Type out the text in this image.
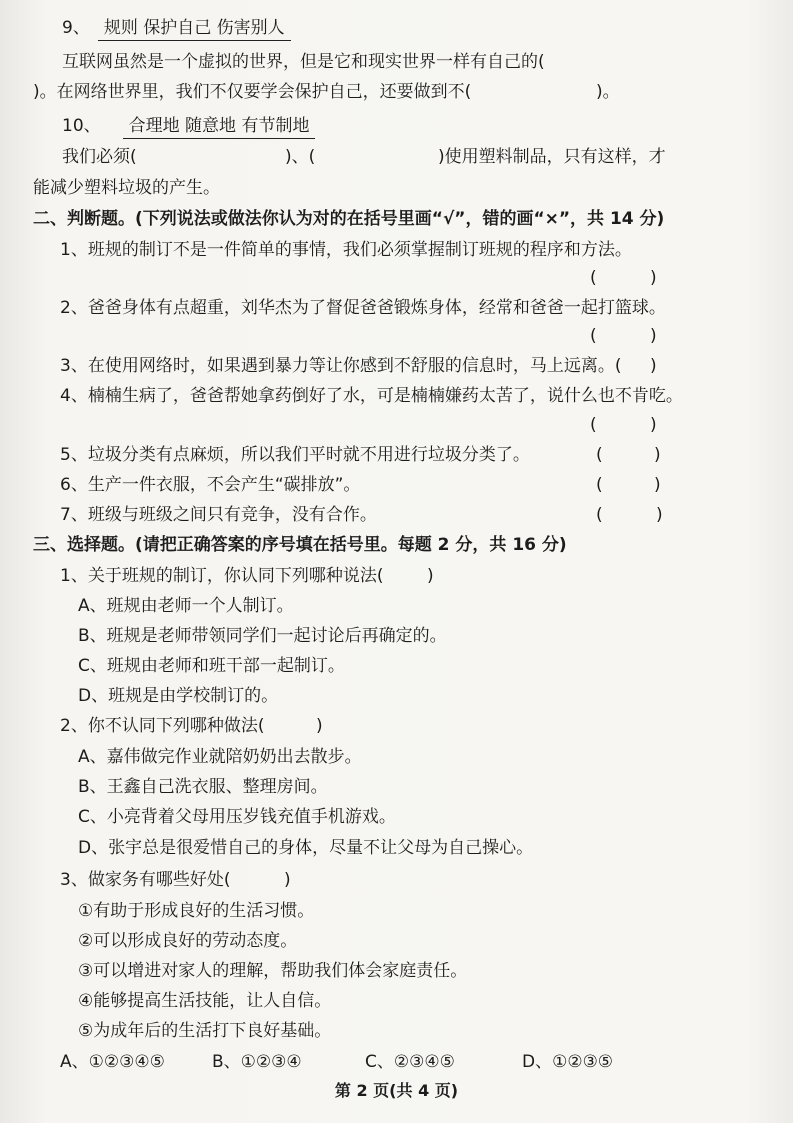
9、 规则 保护自己 伤害别人
互联网虽然是一个虚拟的世界，但是它和现实世界一样有自己的(
)。在网络世界里，我们不仅要学会保护自己，还要做到不(	)。
10、 合理地 随意地 有节制地
我们必须(	)、(	)使用塑料制品，只有这样，才
能减少塑料垃圾的产生。
二、判断题。(下列说法或做法你认为对的在括号里画“√”，错的画“×”，共 14 分)
1、班规的制订不是一件简单的事情，我们必须掌握制订班规的程序和方法。
(	)
2、爸爸身体有点超重，刘华杰为了督促爸爸锻炼身体，经常和爸爸一起打篮球。
(	)
3、在使用网络时，如果遇到暴力等让你感到不舒服的信息时，马上远离。( )
4、楠楠生病了，爸爸帮她拿药倒好了水，可是楠楠嫌药太苦了，说什么也不肯吃。
(	)
5、垃圾分类有点麻烦，所以我们平时就不用进行垃圾分类了。	(	)
6、生产一件衣服，不会产生“碳排放”。	(	)
7、班级与班级之间只有竞争，没有合作。	(	)
三、选择题。(请把正确答案的序号填在括号里。每题 2 分，共 16 分)
1、关于班规的制订，你认同下列哪种说法(	)
A、班规由老师一个人制订。
B、班规是老师带领同学们一起讨论后再确定的。
C、班规由老师和班干部一起制订。
D、班规是由学校制订的。
2、你不认同下列哪种做法(	)
A、嘉伟做完作业就陪奶奶出去散步。
B、王鑫自己洗衣服、整理房间。
C、小亮背着父母用压岁钱充值手机游戏。
D、张宇总是很爱惜自己的身体，尽量不让父母为自己操心。
3、做家务有哪些好处(	)
①有助于形成良好的生活习惯。
②可以形成良好的劳动态度。
③可以增进对家人的理解，帮助我们体会家庭责任。
④能够提高生活技能，让人自信。
⑤为成年后的生活打下良好基础。
A、①②③④⑤	B、①②③④	C、②③④⑤	D、①②③⑤
第 2 页(共 4 页)
